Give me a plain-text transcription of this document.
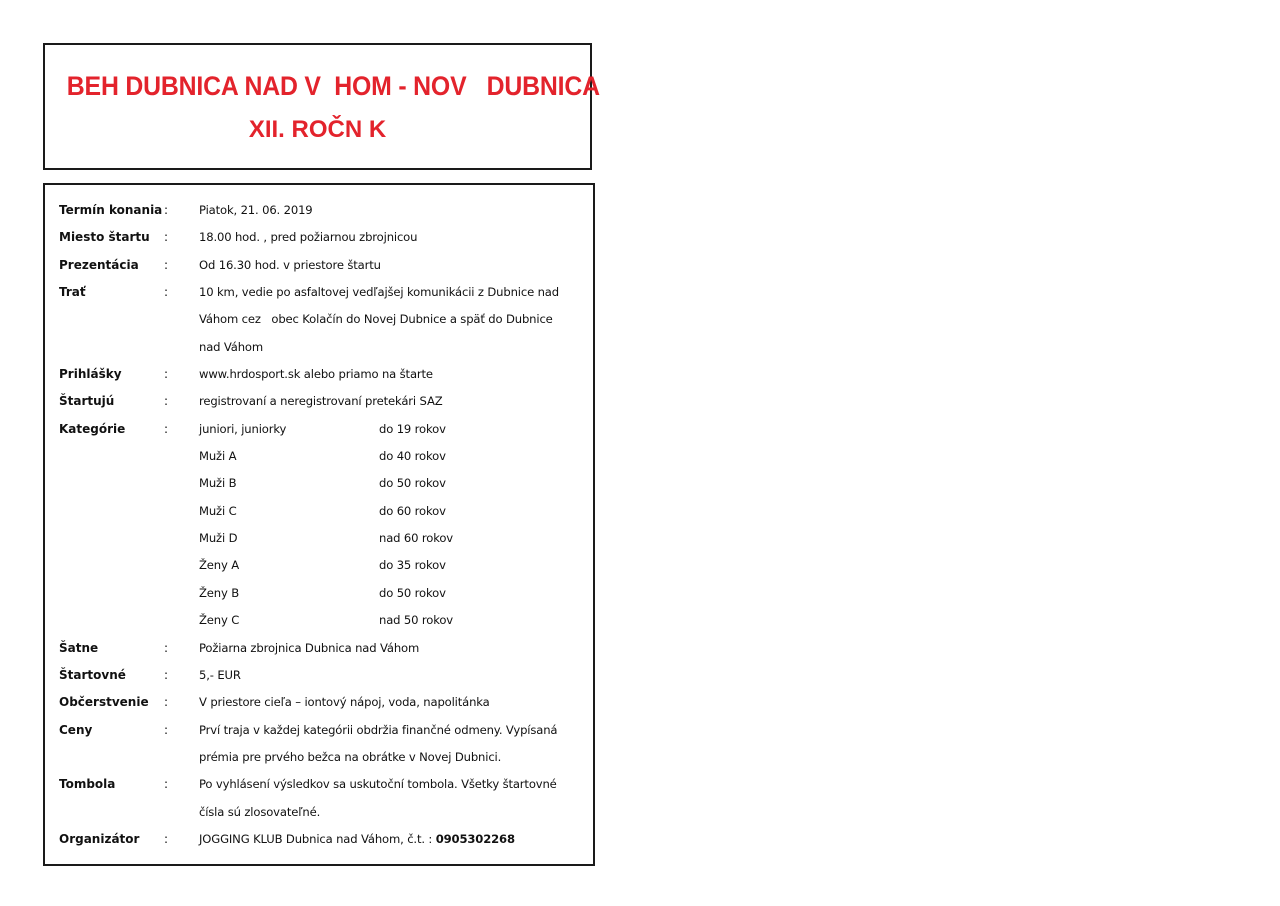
BEH DUBNICA NAD V  HOM - NOV   DUBNICA
XII. ROČN K
Termín konania :	Piatok, 21. 06. 2019
Miesto štartu	:	18.00 hod. , pred požiarnou zbrojnicou
Prezentácia	:	Od 16.30 hod. v priestore štartu
Trať	:	10 km, vedie po asfaltovej vedľajšej komunikácii z Dubnice nad
Váhom cez   obec Kolačín do Novej Dubnice a späť do Dubnice
nad Váhom
Prihlášky	:	www.hrdosport.sk alebo priamo na štarte
Štartujú	:	registrovaní a neregistrovaní pretekári SAZ
Kategórie	:	juniori, juniorky	do 19 rokov
Muži A	do 40 rokov
Muži B	do 50 rokov
Muži C	do 60 rokov
Muži D	nad 60 rokov
Ženy A	do 35 rokov
Ženy B	do 50 rokov
Ženy C	nad 50 rokov
Šatne	:	Požiarna zbrojnica Dubnica nad Váhom
Štartovné	:	5,- EUR
Občerstvenie	:	V priestore cieľa – iontový nápoj, voda, napolitánka
Ceny	:	Prví traja v každej kategórii obdržia finančné odmeny. Vypísaná
prémia pre prvého bežca na obrátke v Novej Dubnici.
Tombola	:	Po vyhlásení výsledkov sa uskutoční tombola. Všetky štartovné
čísla sú zlosovateľné.
Organizátor	:	JOGGING KLUB Dubnica nad Váhom, č.t. : 0905302268
